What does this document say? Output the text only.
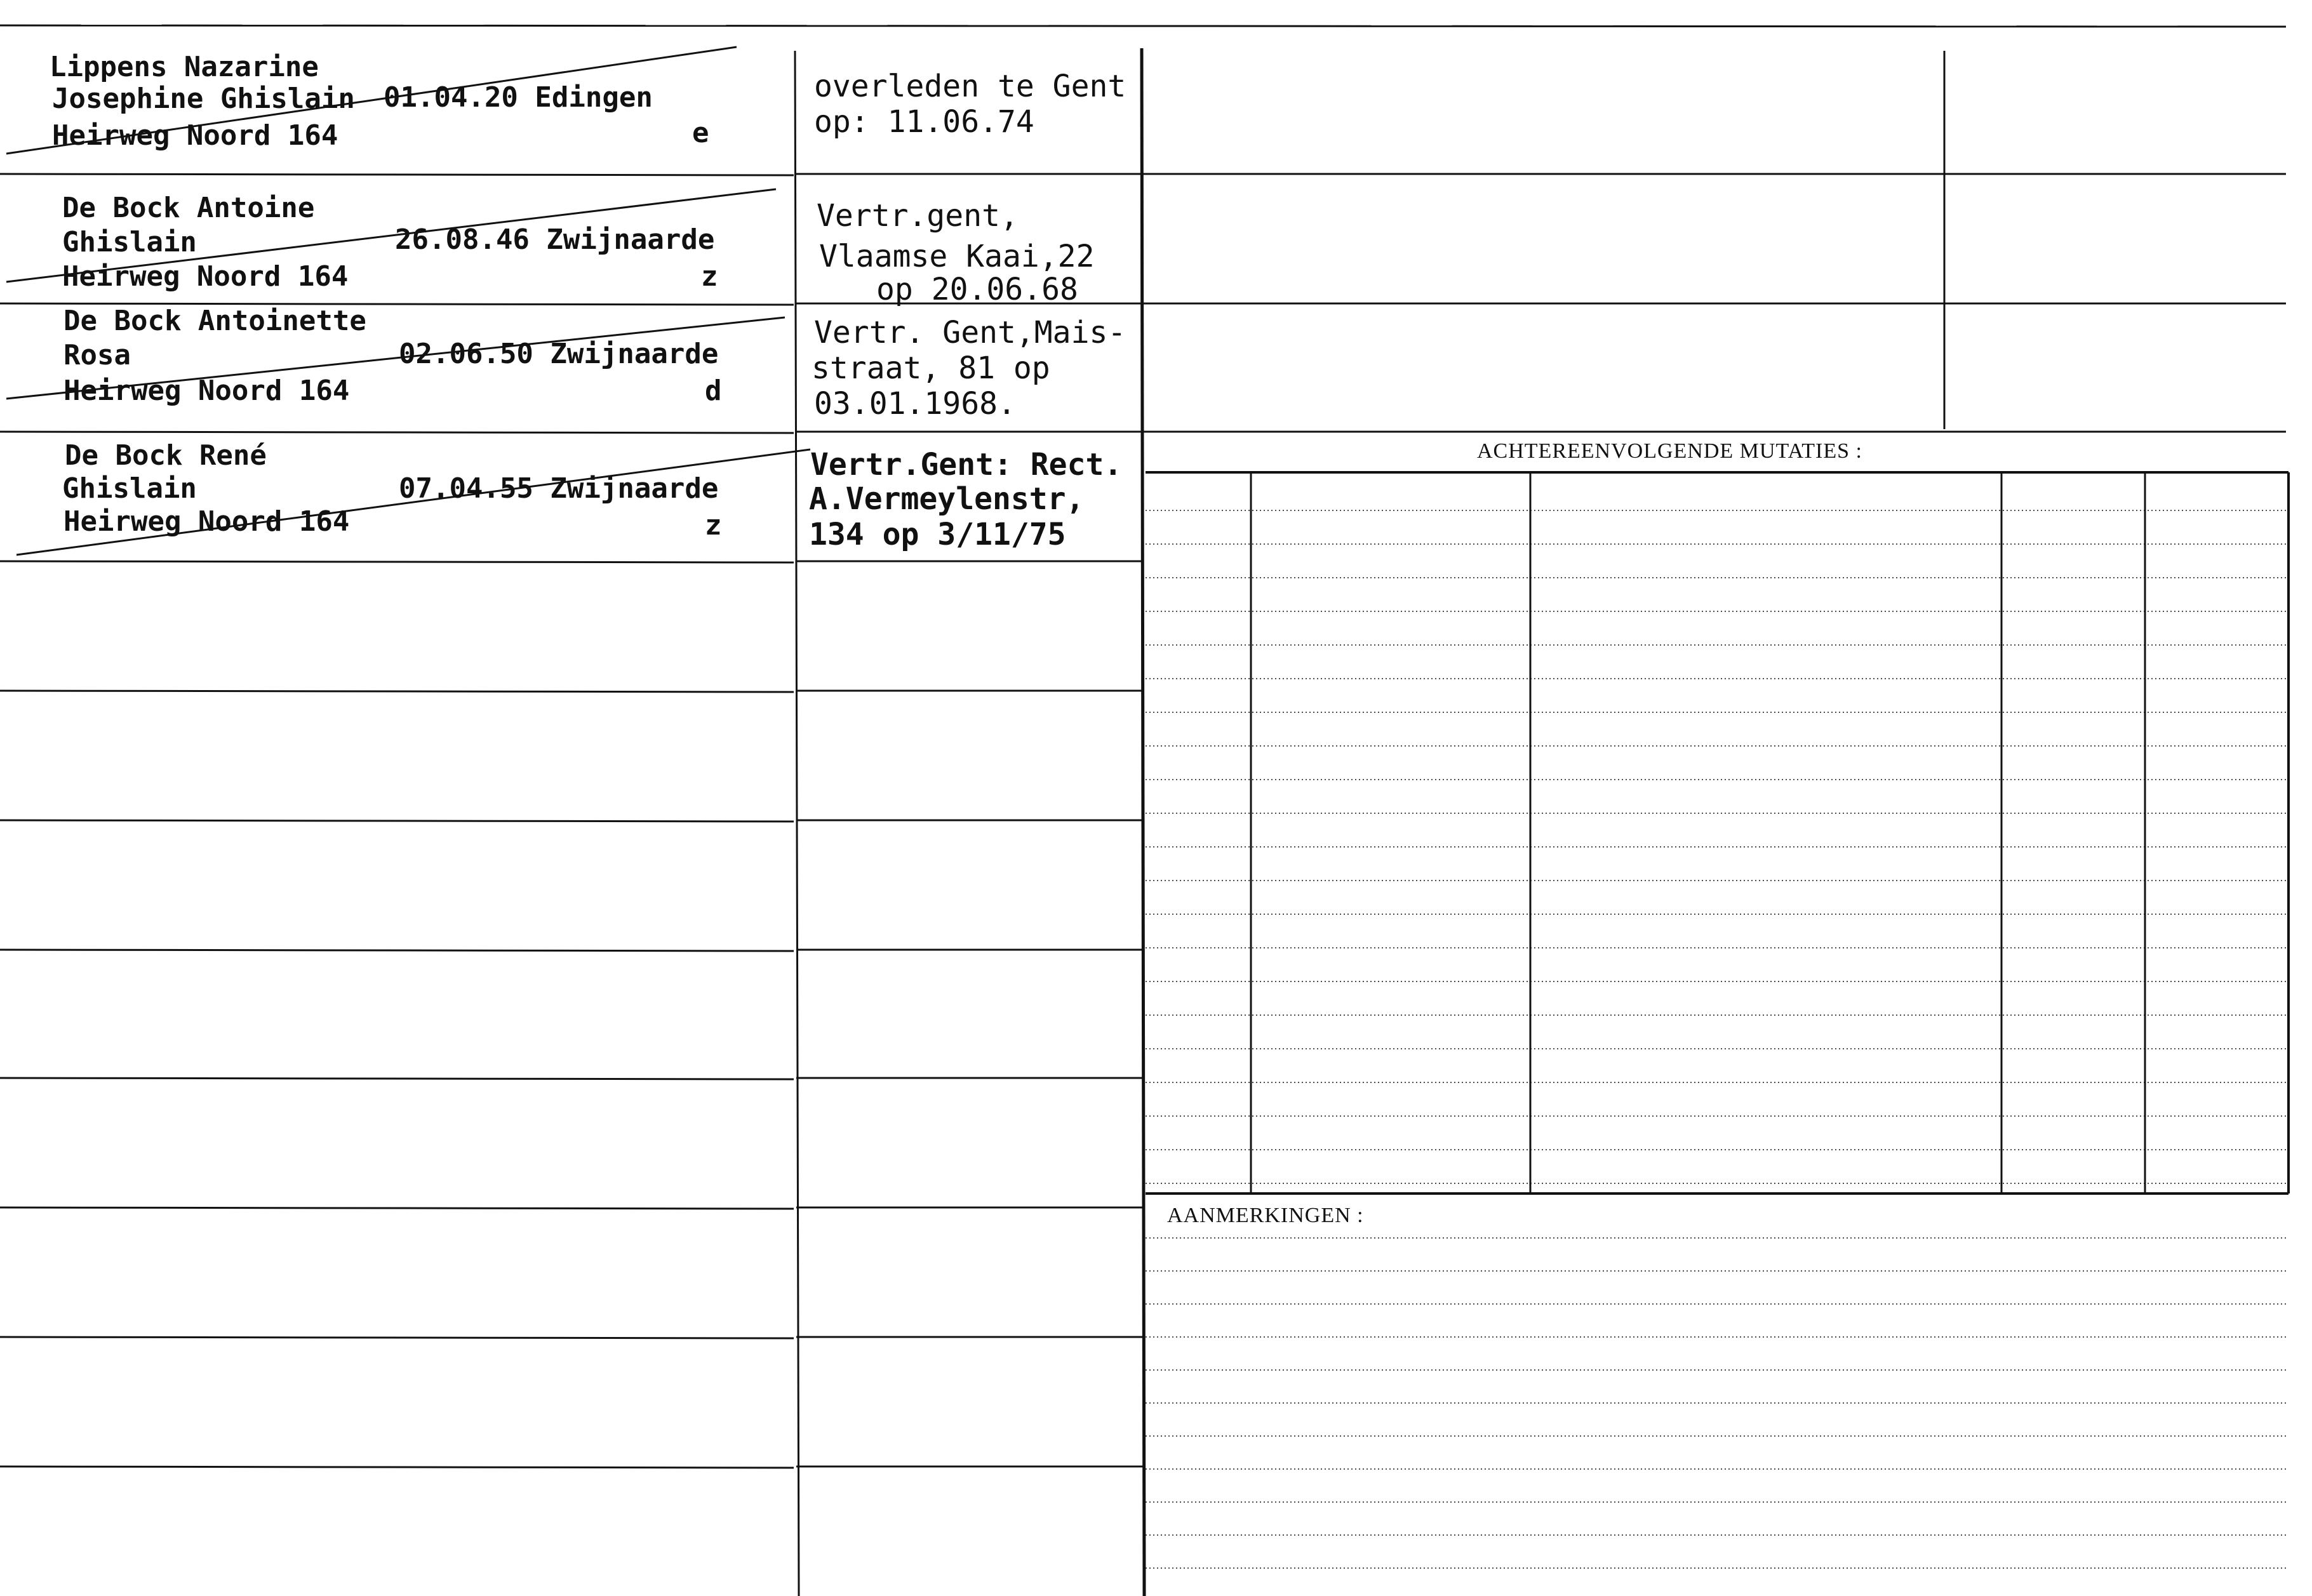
Lippens Nazarine
Josephine Ghislain
Heirweg Noord 164
01.04.20 Edingen
e
overleden te Gent
op: 11.06.74
De Bock Antoine
Ghislain
Heirweg Noord 164
26.08.46 Zwijnaarde
z
Vertr.gent,
Vlaamse Kaai,22
op 20.06.68
De Bock Antoinette
Rosa
Heirweg Noord 164
02.06.50 Zwijnaarde
d
Vertr. Gent,Mais-
straat, 81 op
03.01.1968.
De Bock René
Ghislain
Heirweg Noord 164
07.04.55 Zwijnaarde
z
Vertr.Gent: Rect.
A.Vermeylenstr,
134 op 3/11/75
ACHTEREENVOLGENDE MUTATIES :
AANMERKINGEN :
